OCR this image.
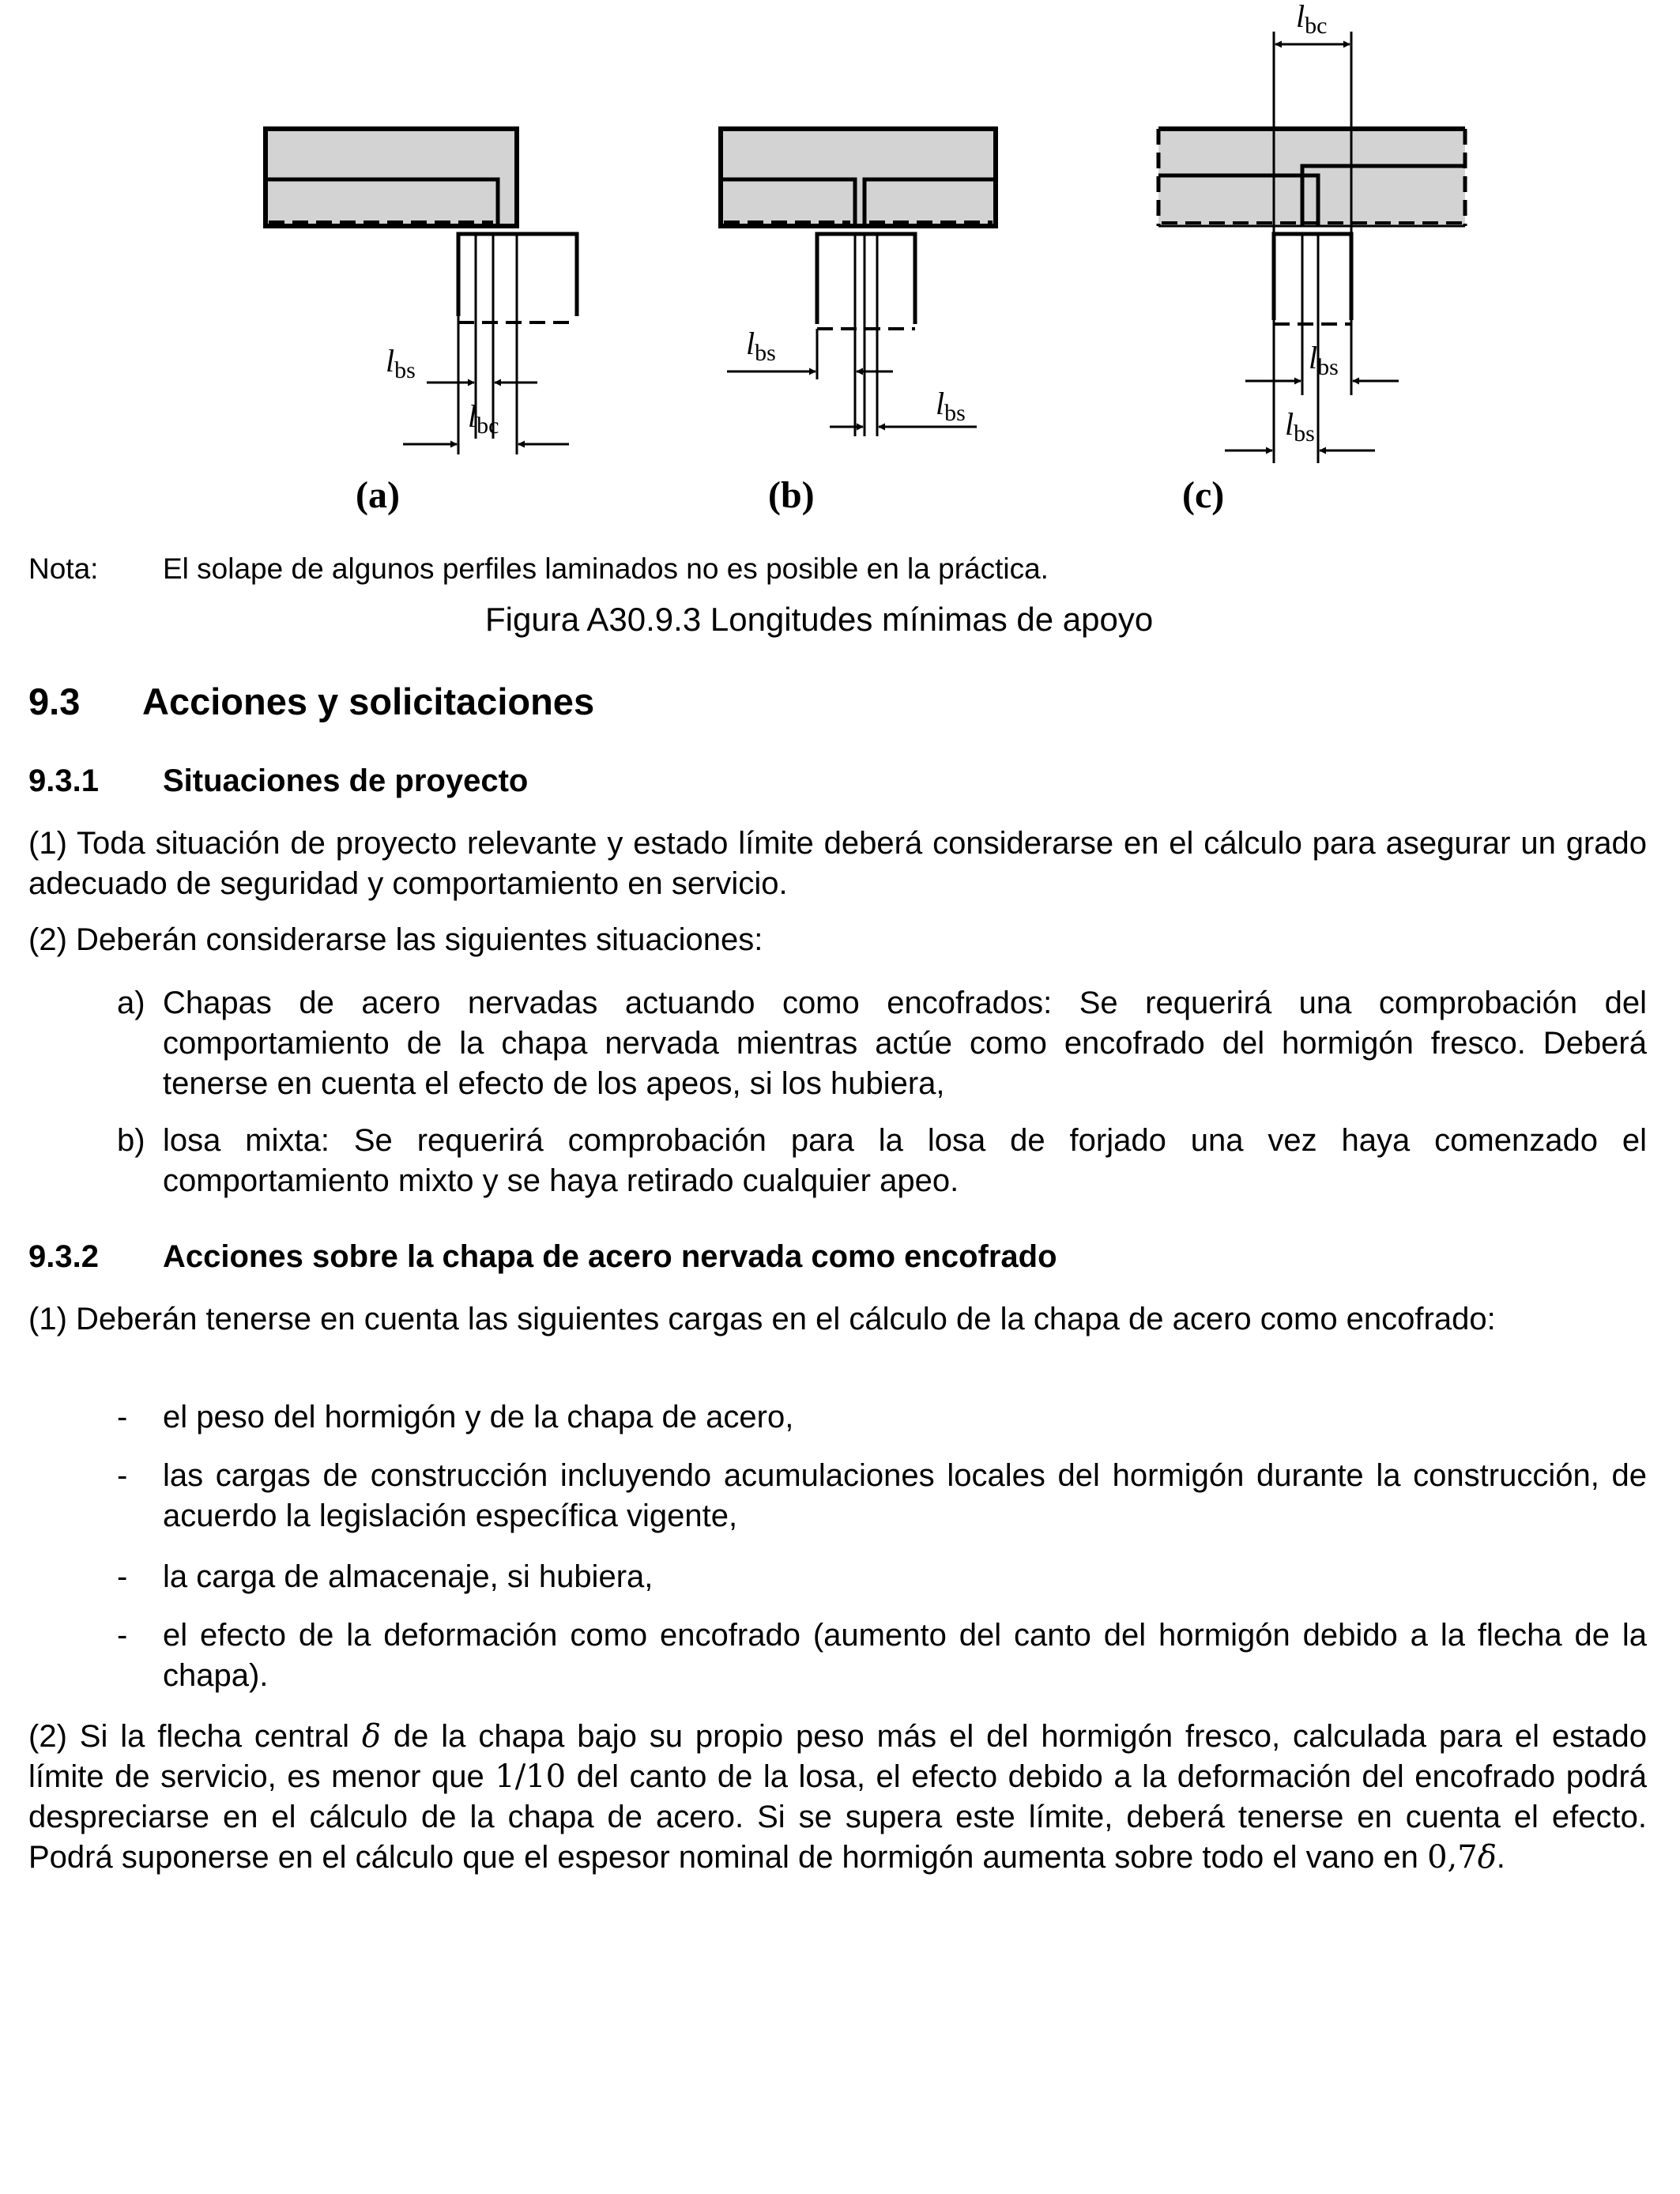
$l_{bs}$
$l_{bc}$
(a)
$l_{bs}$
$l_{bs}$
(b)
$l_{bc}$
$l_{bs}$
$l_{bs}$
(c)
Nota: El solape de algunos perfiles laminados no es posible en la práctica.
Figura A30.9.3 Longitudes mínimas de apoyo
9.3 Acciones y solicitaciones
9.3.1 Situaciones de proyecto
(1) Toda situación de proyecto relevante y estado límite deberá considerarse en el cálculo para asegurar un grado adecuado de seguridad y comportamiento en servicio.
(2) Deberán considerarse las siguientes situaciones:
a) Chapas de acero nervadas actuando como encofrados: Se requerirá una comprobación del comportamiento de la chapa nervada mientras actúe como encofrado del hormigón fresco. Deberá tenerse en cuenta el efecto de los apeos, si los hubiera,
b) losa mixta: Se requerirá comprobación para la losa de forjado una vez haya comenzado el comportamiento mixto y se haya retirado cualquier apeo.
9.3.2 Acciones sobre la chapa de acero nervada como encofrado
(1) Deberán tenerse en cuenta las siguientes cargas en el cálculo de la chapa de acero como encofrado:
- el peso del hormigón y de la chapa de acero,
- las cargas de construcción incluyendo acumulaciones locales del hormigón durante la construcción, de acuerdo la legislación específica vigente,
- la carga de almacenaje, si hubiera,
- el efecto de la deformación como encofrado (aumento del canto del hormigón debido a la flecha de la chapa).
(2) Si la flecha central δ de la chapa bajo su propio peso más el del hormigón fresco, calculada para el estado límite de servicio, es menor que 1/10 del canto de la losa, el efecto debido a la deformación del encofrado podrá despreciarse en el cálculo de la chapa de acero. Si se supera este límite, deberá tenerse en cuenta el efecto. Podrá suponerse en el cálculo que el espesor nominal de hormigón aumenta sobre todo el vano en 0,7δ.
